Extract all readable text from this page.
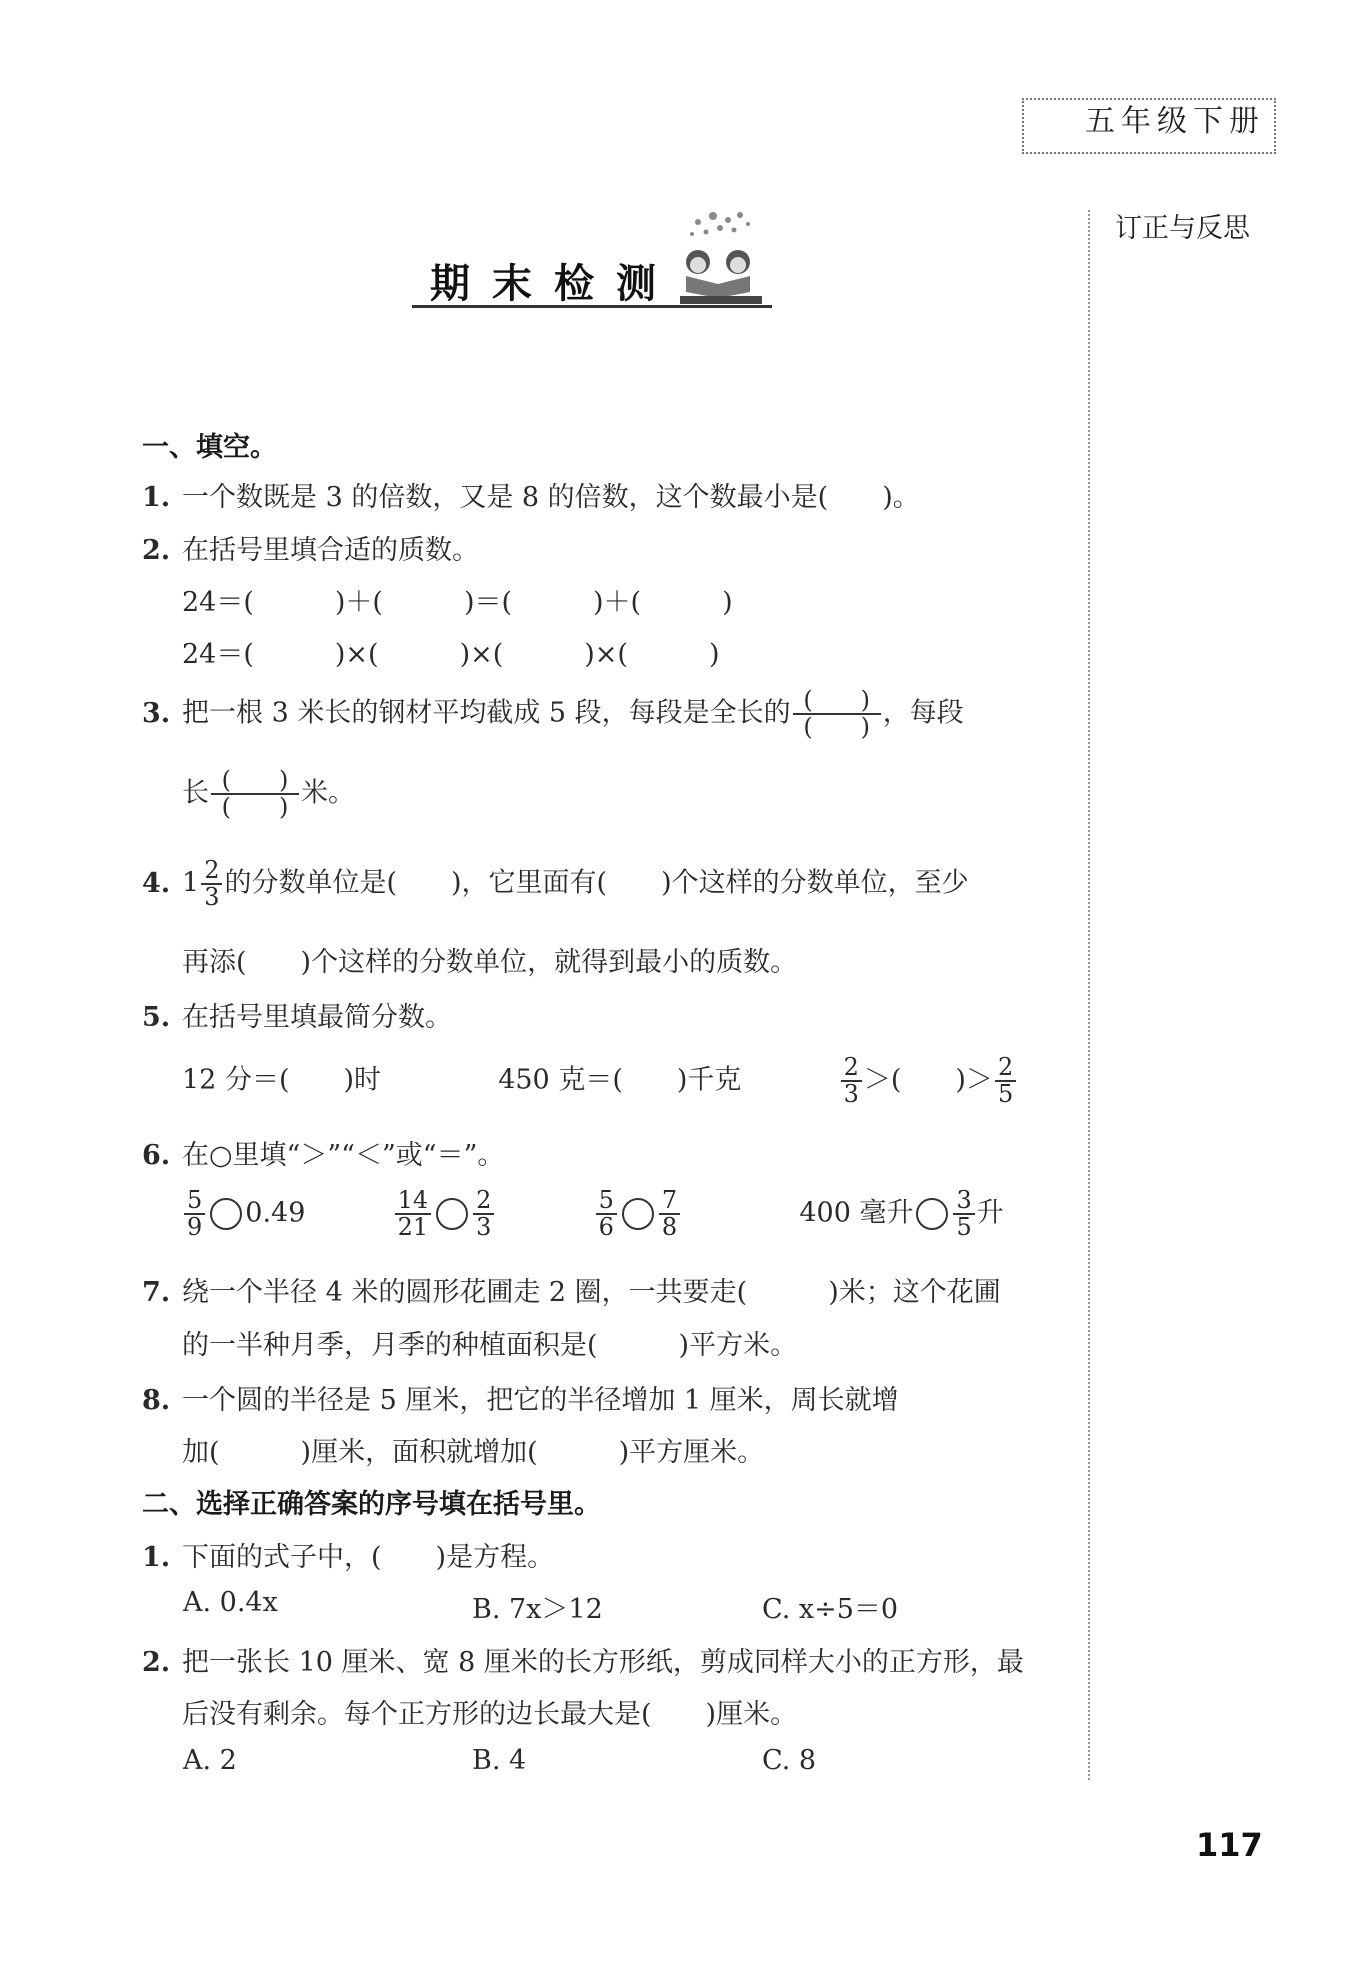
五年级下册
订正与反思
期末检测
一、填空。
1. 一个数既是 3 的倍数，又是 8 的倍数，这个数最小是(　　)。
2. 在括号里填合适的质数。
24＝(　　　)＋(　　　)＝(　　　)＋(　　　)
24＝(　　　)×(　　　)×(　　　)×(　　　)
3. 把一根 3 米长的钢材平均截成 5 段，每段是全长的 $\frac{( )}{( )}$ ，每段
长 $\frac{( )}{( )}$ 米。
4. $1 \frac{2}{3}$ 的分数单位是(　　)，它里面有(　　)个这样的分数单位，至少
再添(　　)个这样的分数单位，就得到最小的质数。
5. 在括号里填最简分数。
12 分＝(　　)时	450 克＝(　　)千克	$\frac{2}{3}$ ＞(　　)＞ $\frac{2}{5}$
6. 在○里填“＞”“＜”或“＝”。
$\frac{5}{9} 0.49$	$\frac{14}{21} \frac{2}{3}$
	$\frac{5}{6} \frac{7}{8}$	400 毫升 $\frac{3}{5}$ 升
7. 绕一个半径 4 米的圆形花圃走 2 圈，一共要走(　　　)米；这个花圃
的一半种月季，月季的种植面积是(　　　)平方米。
8. 一个圆的半径是 5 厘米，把它的半径增加 1 厘米，周长就增
加(　　　)厘米，面积就增加(　　　)平方厘米。
二、选择正确答案的序号填在括号里。
1. 下面的式子中，(　　)是方程。
A. 0.4x	B. 7x＞12	C. x÷5＝0
2. 把一张长 10 厘米、宽 8 厘米的长方形纸，剪成同样大小的正方形，最
后没有剩余。每个正方形的边长最大是(　　)厘米。
A. 2	B. 4	C. 8
117
